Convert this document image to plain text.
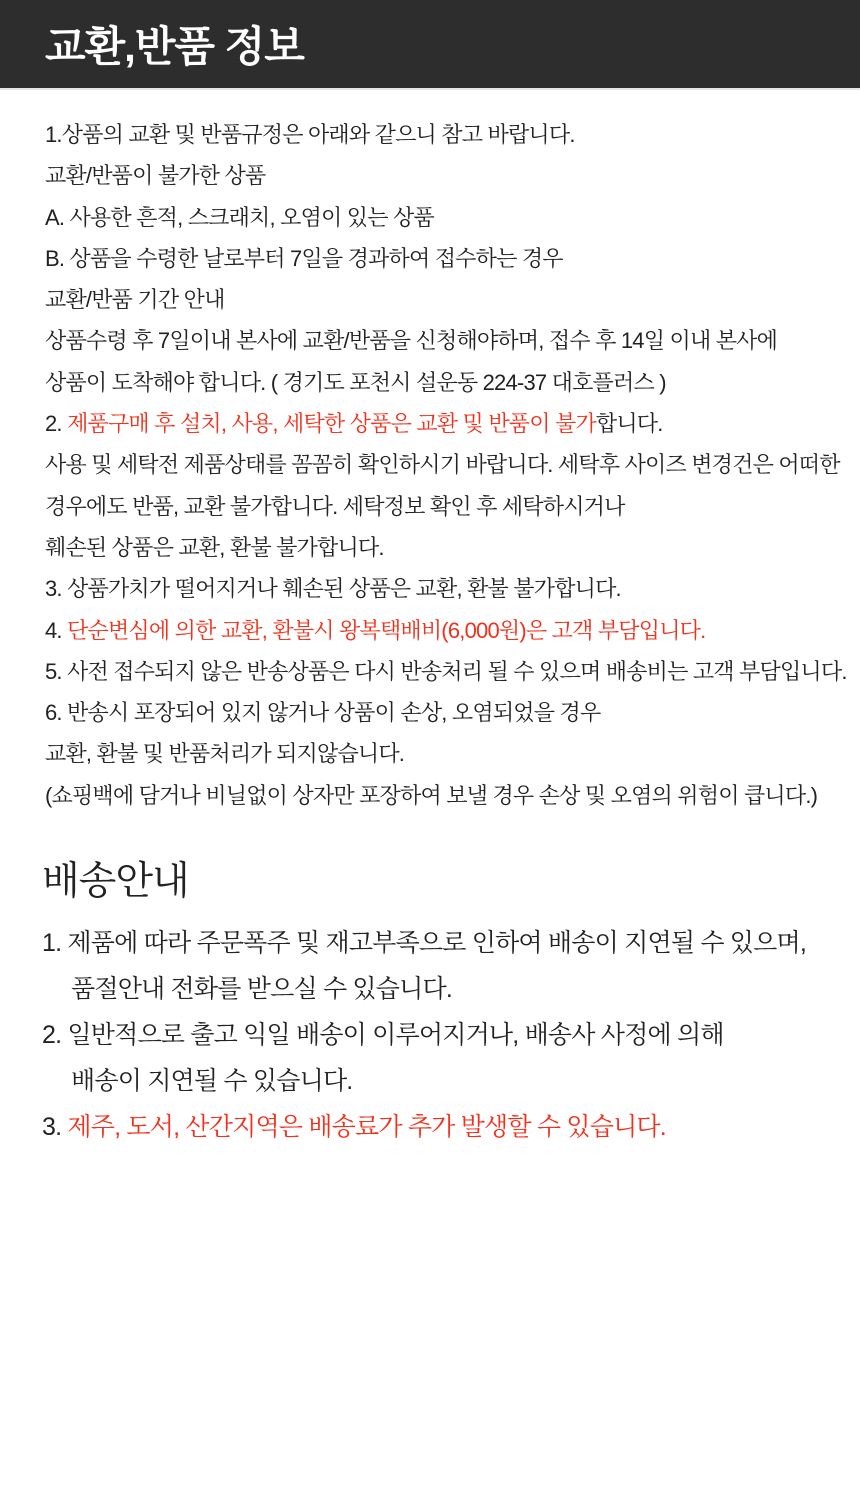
교환,반품 정보
1.상품의 교환 및 반품규정은 아래와 같으니 참고 바랍니다.
교환/반품이 불가한 상품
A. 사용한 흔적, 스크래치, 오염이 있는 상품
B. 상품을 수령한 날로부터 7일을 경과하여 접수하는 경우
교환/반품 기간 안내
상품수령 후 7일이내 본사에 교환/반품을 신청해야하며, 접수 후 14일 이내 본사에
상품이 도착해야 합니다. ( 경기도 포천시 설운동 224-37 대호플러스 )
2. 제품구매 후 설치, 사용, 세탁한 상품은 교환 및 반품이 불가합니다.
사용 및 세탁전 제품상태를 꼼꼼히 확인하시기 바랍니다. 세탁후 사이즈 변경건은 어떠한
경우에도 반품, 교환 불가합니다. 세탁정보 확인 후 세탁하시거나
훼손된 상품은 교환, 환불 불가합니다.
3. 상품가치가 떨어지거나 훼손된 상품은 교환, 환불 불가합니다.
4. 단순변심에 의한 교환, 환불시 왕복택배비(6,000원)은 고객 부담입니다.
5. 사전 접수되지 않은 반송상품은 다시 반송처리 될 수 있으며 배송비는 고객 부담입니다.
6. 반송시 포장되어 있지 않거나 상품이 손상, 오염되었을 경우
교환, 환불 및 반품처리가 되지않습니다.
(쇼핑백에 담거나 비닐없이 상자만 포장하여 보낼 경우 손상 및 오염의 위험이 큽니다.)
배송안내
1. 제품에 따라 주문폭주 및 재고부족으로 인하여 배송이 지연될 수 있으며,
품절안내 전화를 받으실 수 있습니다.
2. 일반적으로 출고 익일 배송이 이루어지거나, 배송사 사정에 의해
배송이 지연될 수 있습니다.
3. 제주, 도서, 산간지역은 배송료가 추가 발생할 수 있습니다.
